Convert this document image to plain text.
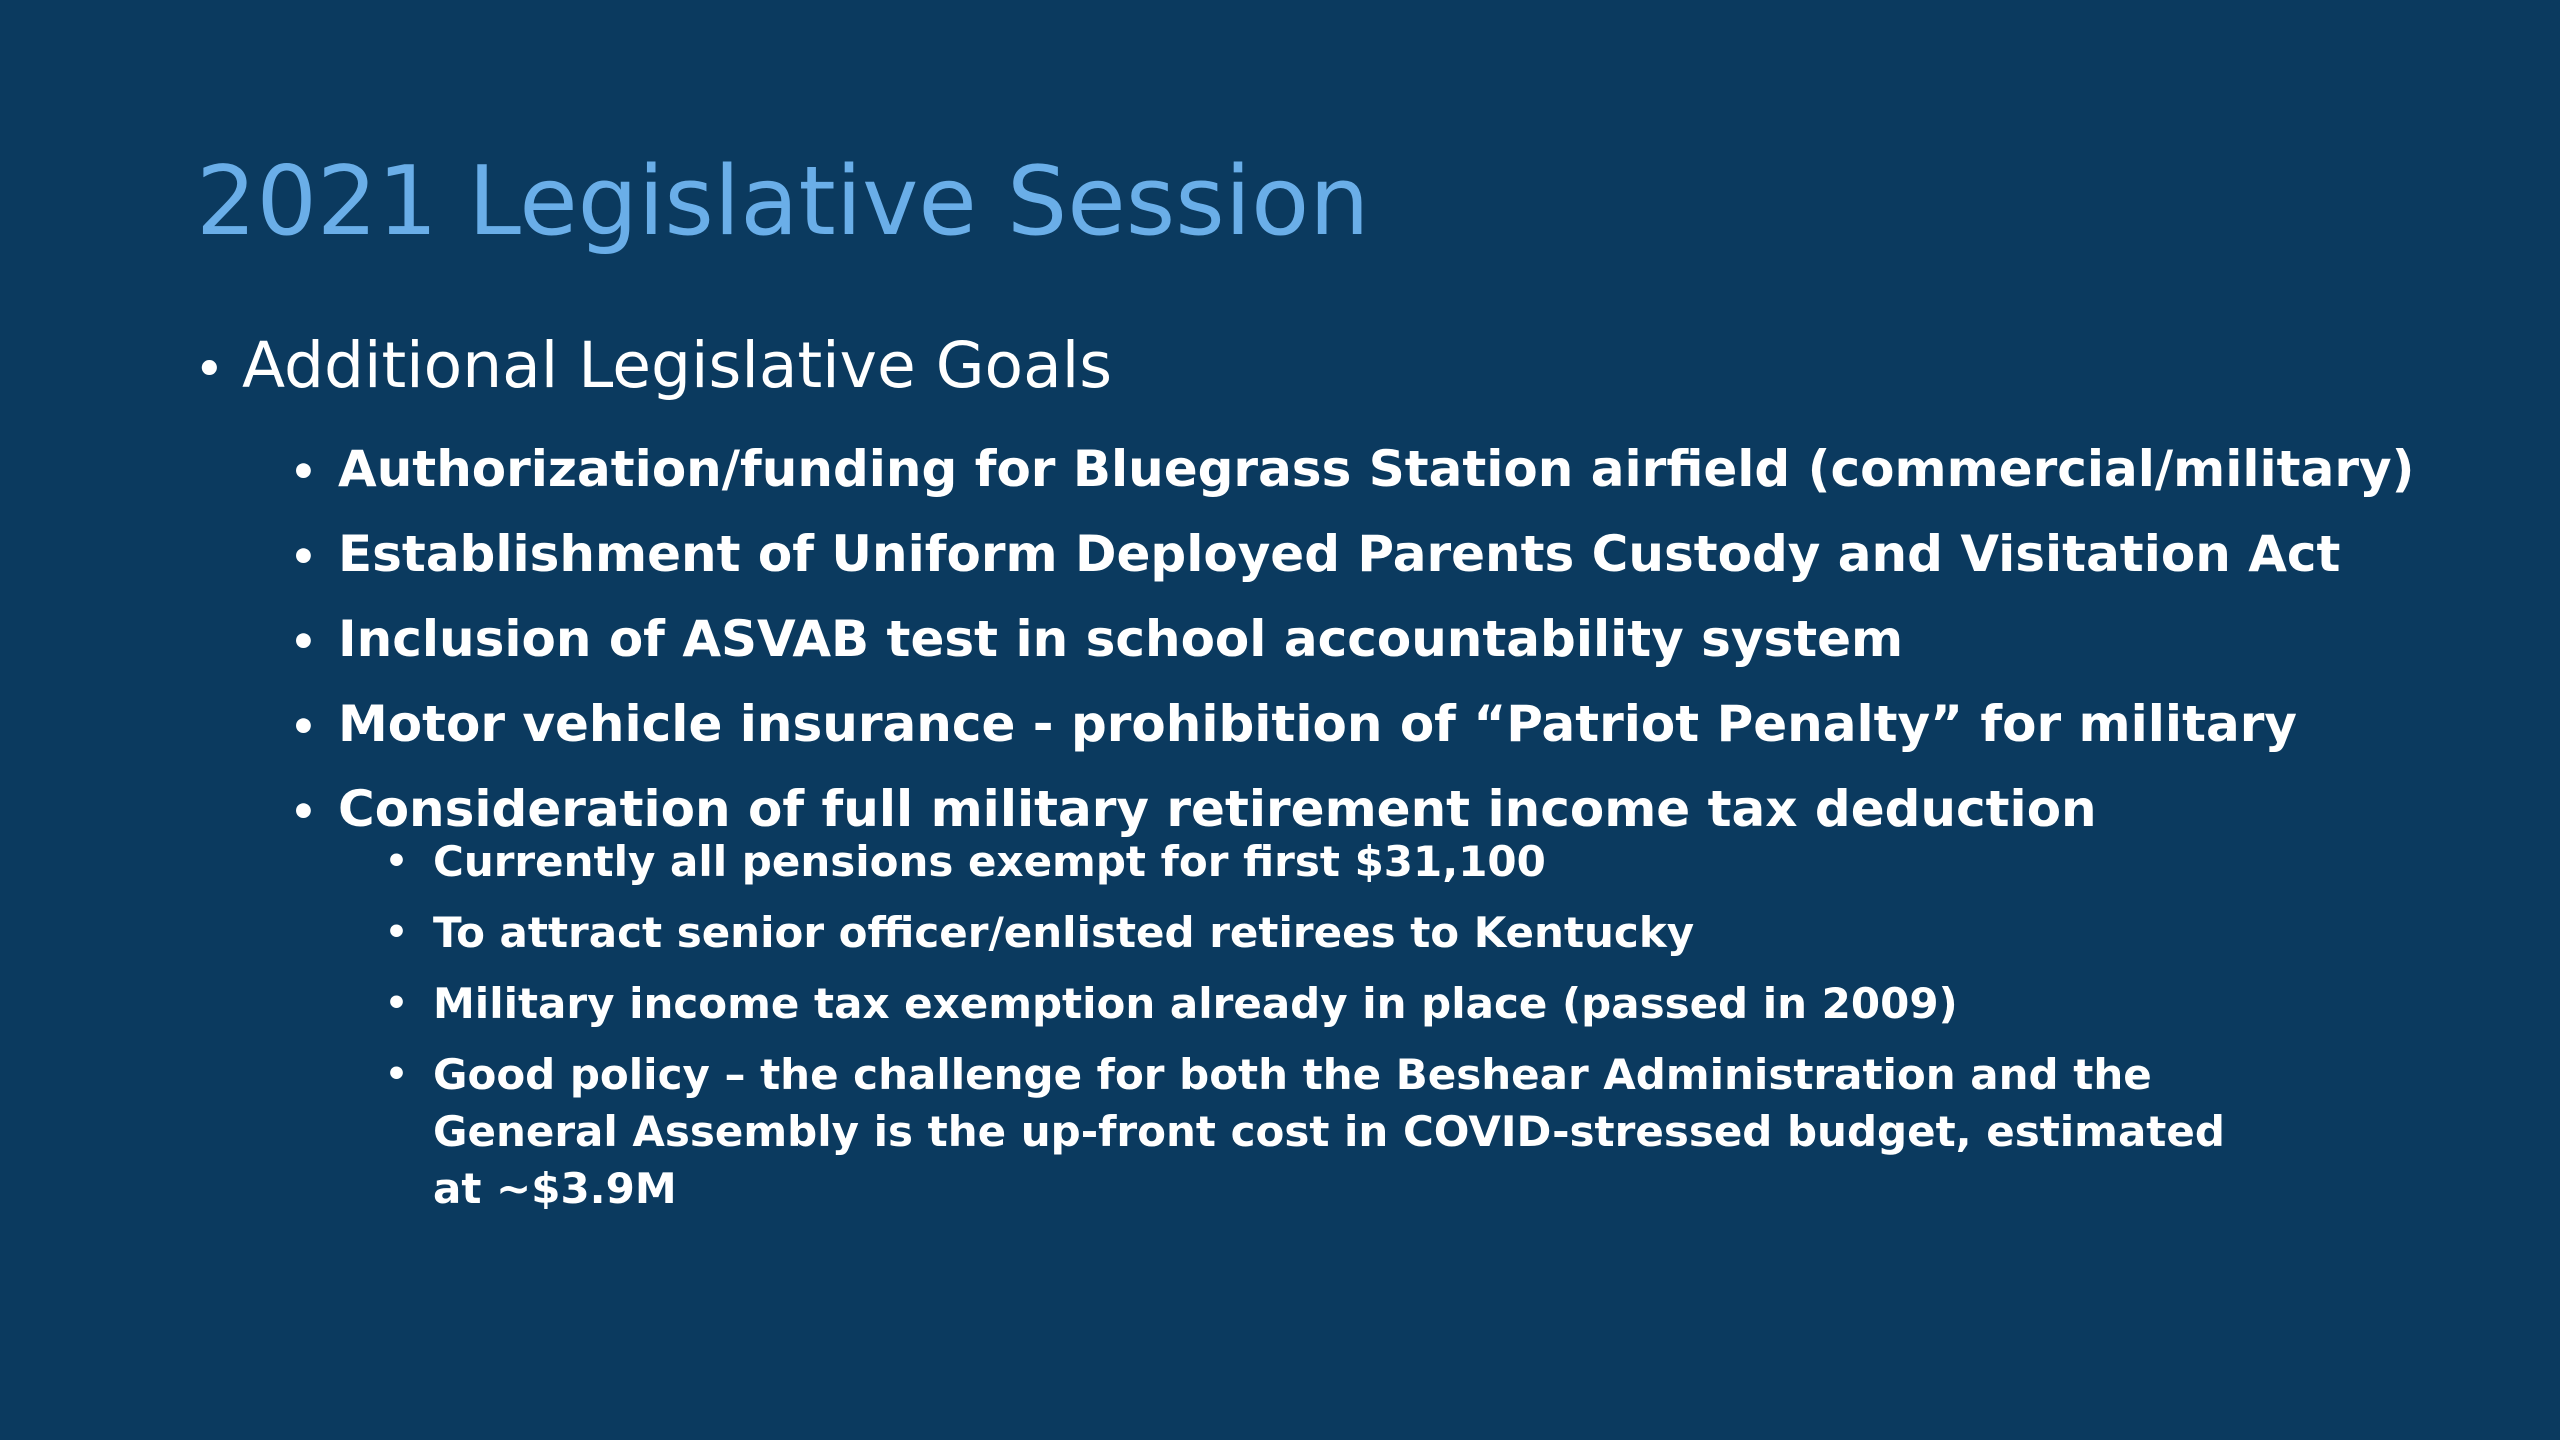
2021 Legislative Session
• Additional Legislative Goals
• Authorization/funding for Bluegrass Station airfield (commercial/military)
• Establishment of Uniform Deployed Parents Custody and Visitation Act
• Inclusion of ASVAB test in school accountability system
• Motor vehicle insurance - prohibition of “Patriot Penalty” for military
• Consideration of full military retirement income tax deduction
• Currently all pensions exempt for first $31,100
• To attract senior officer/enlisted retirees to Kentucky
• Military income tax exemption already in place (passed in 2009)
• Good policy – the challenge for both the Beshear Administration and the General Assembly is the up-front cost in COVID-stressed budget, estimated at ~$3.9M
